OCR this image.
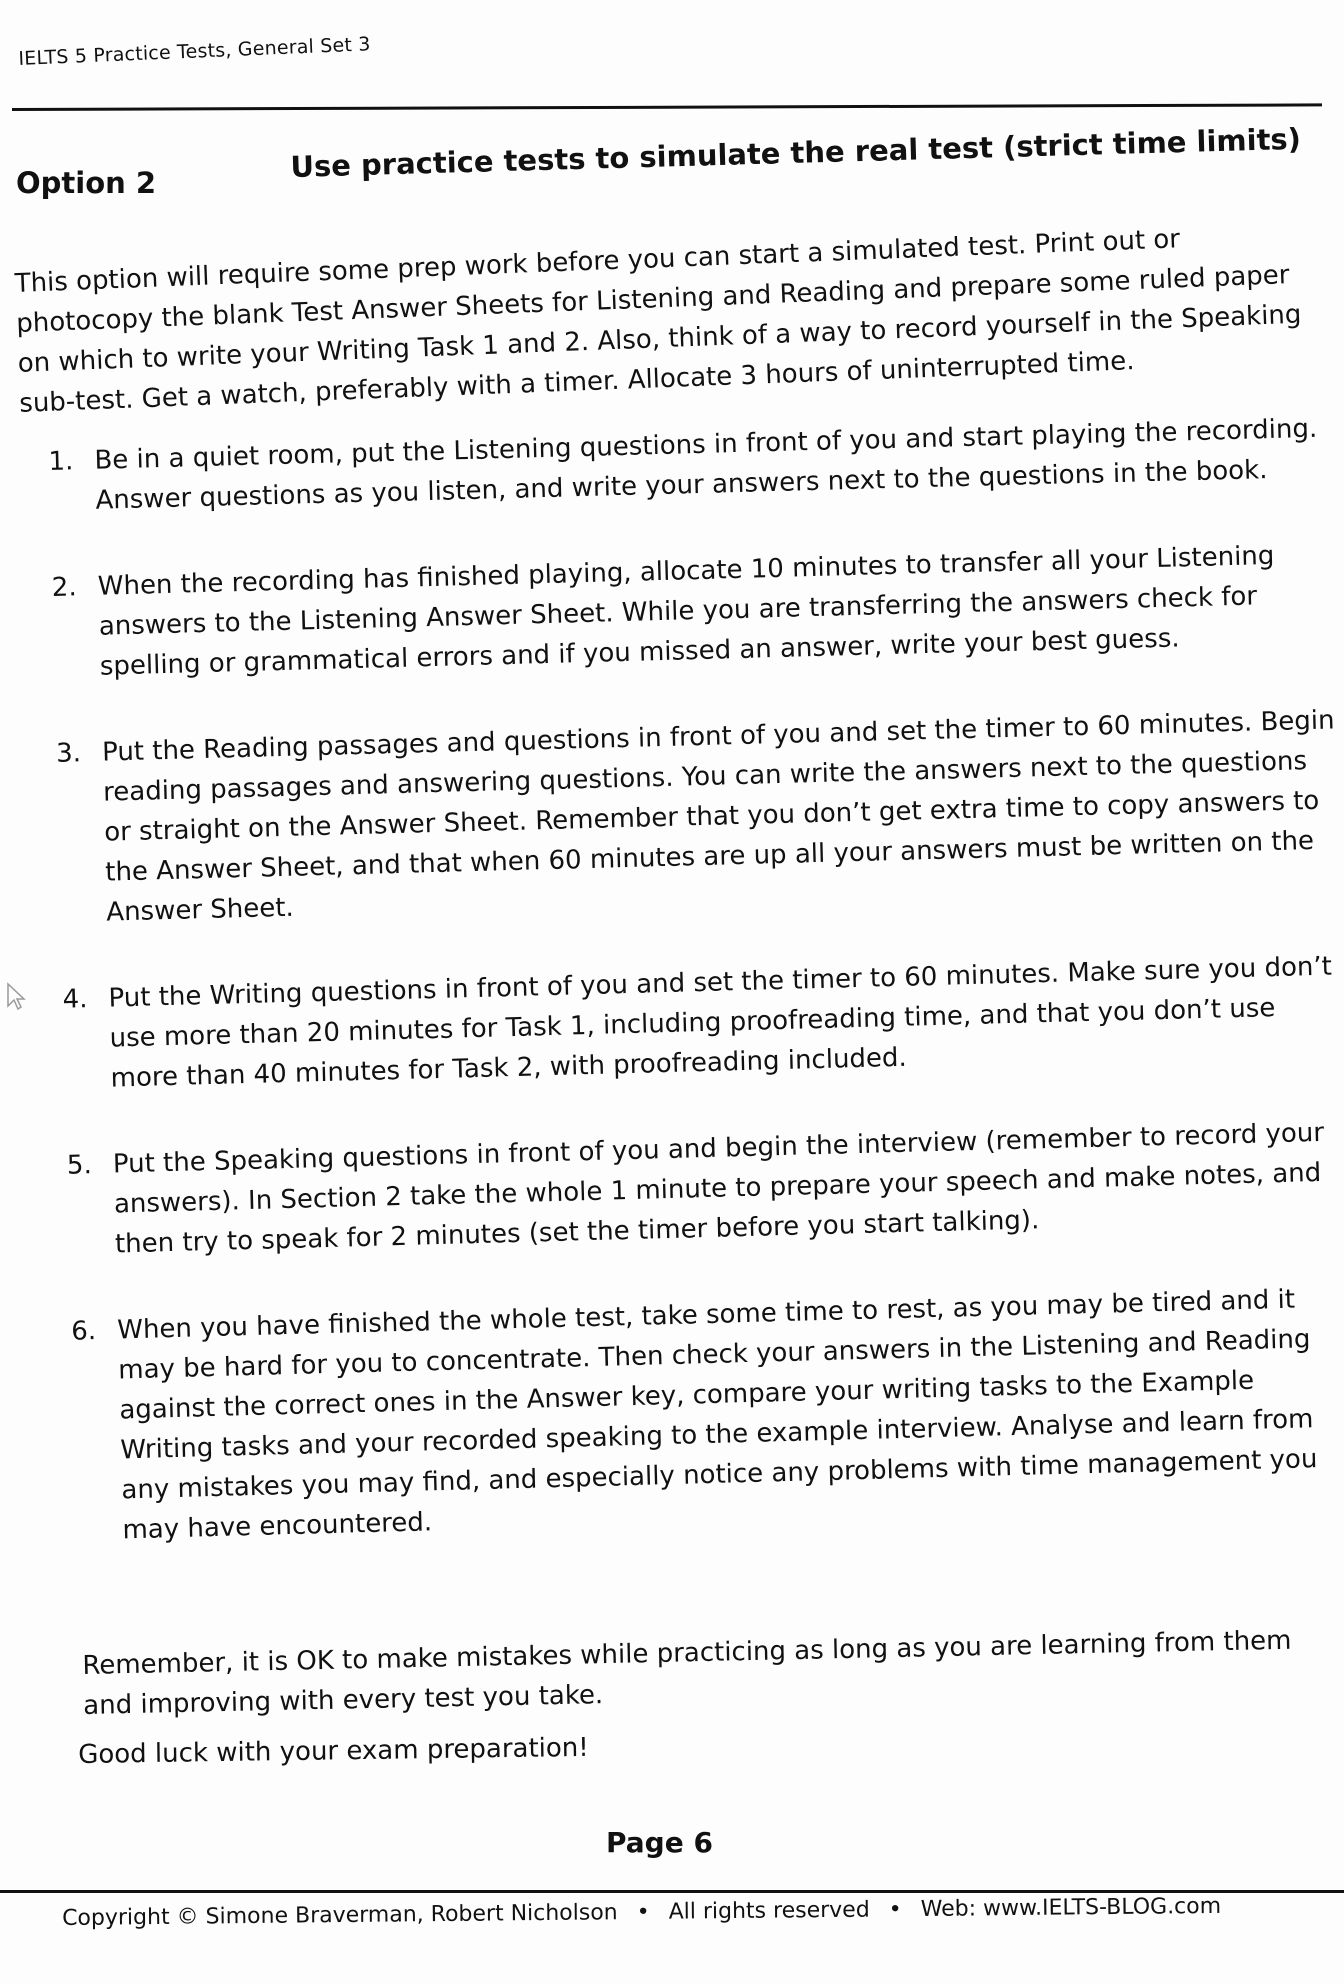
IELTS 5 Practice Tests, General Set 3
Option 2	Use practice tests to simulate the real test (strict time limits)

This option will require some prep work before you can start a simulated test. Print out or photocopy the blank Test Answer Sheets for Listening and Reading and prepare some ruled paper on which to write your Writing Task 1 and 2. Also, think of a way to record yourself in the Speaking sub-test. Get a watch, preferably with a timer. Allocate 3 hours of uninterrupted time.

1. Be in a quiet room, put the Listening questions in front of you and start playing the recording. Answer questions as you listen, and write your answers next to the questions in the book.
2. When the recording has finished playing, allocate 10 minutes to transfer all your Listening answers to the Listening Answer Sheet. While you are transferring the answers check for spelling or grammatical errors and if you missed an answer, write your best guess.
3. Put the Reading passages and questions in front of you and set the timer to 60 minutes. Begin reading passages and answering questions. You can write the answers next to the questions or straight on the Answer Sheet. Remember that you don’t get extra time to copy answers to the Answer Sheet, and that when 60 minutes are up all your answers must be written on the Answer Sheet.
4. Put the Writing questions in front of you and set the timer to 60 minutes. Make sure you don’t use more than 20 minutes for Task 1, including proofreading time, and that you don’t use more than 40 minutes for Task 2, with proofreading included.
5. Put the Speaking questions in front of you and begin the interview (remember to record your answers). In Section 2 take the whole 1 minute to prepare your speech and make notes, and then try to speak for 2 minutes (set the timer before you start talking).
6. When you have finished the whole test, take some time to rest, as you may be tired and it may be hard for you to concentrate. Then check your answers in the Listening and Reading against the correct ones in the Answer key, compare your writing tasks to the Example Writing tasks and your recorded speaking to the example interview. Analyse and learn from any mistakes you may find, and especially notice any problems with time management you may have encountered.

Remember, it is OK to make mistakes while practicing as long as you are learning from them and improving with every test you take.

Good luck with your exam preparation!
Page 6
Copyright © Simone Braverman, Robert Nicholson • All rights reserved • Web: www.IELTS-BLOG.com
